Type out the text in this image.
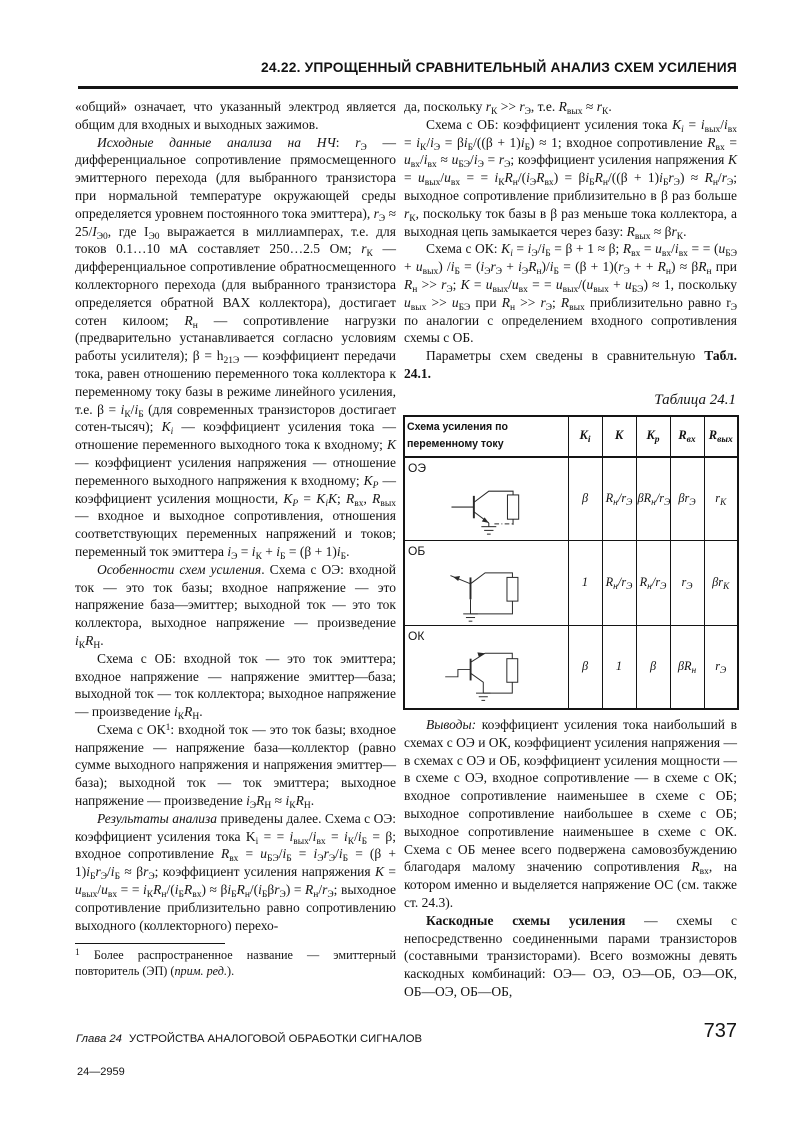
24.22. УПРОЩЕННЫЙ СРАВНИТЕЛЬНЫЙ АНАЛИЗ СХЕМ УСИЛЕНИЯ

«общий» означает, что указанный электрод является общим для входных и выходных зажимов.

Исходные данные анализа на НЧ: $r_Э$ — дифференциальное сопротивление прямосмещенного эмиттерного перехода (для выбранного транзистора при нормальной температуре окружающей среды определяется уровнем постоянного тока эмиттера), $r_Э \approx 25/I_{Э0}$, где $I_{Э0}$ выражается в миллиамперах, т.е. для токов 0.1…10 мА составляет 250…2.5 Ом; $r_К$ — дифференциальное сопротивление обратносмещенного коллекторного перехода (для выбранного транзистора определяется обратной ВАХ коллектора), достигает сотен килоом; $R_н$ — сопротивление нагрузки (предварительно устанавливается согласно условиям работы усилителя); $\beta = h_{21Э}$ — коэффициент передачи тока, равен отношению переменного тока коллектора к переменному току базы в режиме линейного усиления, т.е. $\beta = i_К/i_Б$ (для современных транзисторов достигает сотен-тысяч); $K_i$ — коэффициент усиления тока — отношение переменного выходного тока к входному; K — коэффициент усиления напряжения — отношение переменного выходного напряжения к входному; $K_P$ — коэффициент усиления мощности, $K_P = K_iK$; $R_{вх}$, $R_{вых}$ — входное и выходное сопротивления, отношения соответствующих переменных напряжений и токов; переменный ток эмиттера $i_Э = i_К + i_Б = (\beta + 1)i_Б$.

Особенности схем усиления. Схема с ОЭ: входной ток — это ток базы; входное напряжение — это напряжение база—эмиттер; выходной ток — это ток коллектора, выходное напряжение — произведение $i_КR_Н$.

Схема с ОБ: входной ток — это ток эмиттера; входное напряжение — напряжение эмиттер—база; выходной ток — ток коллектора; выходное напряжение — произведение $i_КR_Н$.

Схема с $ОК^1$: входной ток — это ток базы; входное напряжение — напряжение база—коллектор (равно сумме выходного напряжения и напряжения эмиттер—база); выходной ток — ток эмиттера; выходное напряжение — произведение $i_ЭR_Н \approx i_КR_Н$.

Результаты анализа приведены далее. Схема с ОЭ: коэффициент усиления тока $K_i$ = = $i_{вых}/i_{вх} = i_К/i_Б = \beta$; входное сопротивление $R_{вх} = u_{БЭ}/i_Б = i_Эr_Э/i_Б = (\beta + 1)i_Бr_Э/i_Б \approx \beta r_Э$; коэффициент усиления напряжения $K = u_{вых}/u_{вх}$ = = $i_КR_н/(i_БR_{вх}) \approx \beta i_БR_н/(i_Б\beta r_Э) = R_н/r_Э$; выходное сопротивление приблизительно равно сопротивлению выходного (коллекторного) перехо-

$^1$ Более распространенное название — эмиттерный повторитель (ЭП) (прим. ред.).

да, поскольку $r_К >> r_Э$, т.е. $R_{вых} \approx r_К$.

Схема с ОБ: коэффициент усиления тока $K_i = i_{вых}/i_{вх} = i_К/i_Э = \beta i_Б/((\beta + 1)i_Б) \approx 1$; входное сопротивление $R_{вх} = u_{вх}/i_{вх} \approx u_{БЭ}/i_Э = r_Э$; коэффициент усиления напряжения $K = u_{вых}/u_{вх}$ = = $i_КR_н/(i_ЭR_{вх}) = \beta i_БR_н/((\beta + 1)i_Бr_Э) \approx R_н/r_Э$; выходное сопротивление приблизительно в β раз больше $r_К$, поскольку ток базы в β раз меньше тока коллектора, а выходная цепь замыкается через базу: $R_{вых} \approx \beta r_К$.

Схема с ОК: $K_i = i_Э/i_Б = \beta + 1 \approx \beta$; $R_{вх} = u_{вх}/i_{вх}$ = = $(u_{БЭ} + u_{вых}) /i_Б = (i_Эr_Э + i_ЭR_н)/i_Б = (\beta + 1)(r_Э$ + + $R_н) \approx \beta R_н$ при $R_н >> r_Э$; $K = u_{вых}/u_{вх}$ = = $u_{вых}/(u_{вых} + u_{БЭ}) \approx 1$, поскольку $u_{вых} >> u_{БЭ}$ при $R_н >> r_Э$; $R_{вых}$ приблизительно равно $r_Э$ по аналогии с определением входного сопротивления схемы с ОБ.

Параметры схем сведены в сравнительную Табл. 24.1.

Таблица 24.1
Схема усиления по переменному току	$K_i$	K	$K_p$	$R_{вх}$	$R_{вых}$

ОЭ	β	$R_н/r_Э$	$\beta R_н/r_Э$	$\beta r_Э$	$r_К$

ОБ	1	$R_н/r_Э$	$R_н/r_Э$	$r_Э$	$\beta r_К$

ОК	β	1	β	$\beta R_н$	$r_Э$

Выводы: коэффициент усиления тока наибольший в схемах с ОЭ и ОК, коэффициент усиления напряжения — в схемах с ОЭ и ОБ, коэффициент усиления мощности — в схеме с ОЭ, входное сопротивление — в схеме с ОК; входное сопротивление наименьшее в схеме с ОБ; выходное сопротивление наибольшее в схеме с ОБ; выходное сопротивление наименьшее в схеме с ОК. Схема с ОБ менее всего подвержена самовозбуждению благодаря малому значению сопротивления $R_{вх}$, на котором именно и выделяется напряжение ОС (см. также ст. 24.3).

Каскодные схемы усиления — схемы с непосредственно соединенными парами транзисторов (составными транзисторами). Всего возможны девять каскодных комбинаций: ОЭ— ОЭ, ОЭ—ОБ, ОЭ—ОК, ОБ—ОЭ, ОБ—ОБ,

Глава 24 УСТРОЙСТВА АНАЛОГОВОЙ ОБРАБОТКИ СИГНАЛОВ	737
24—2959
